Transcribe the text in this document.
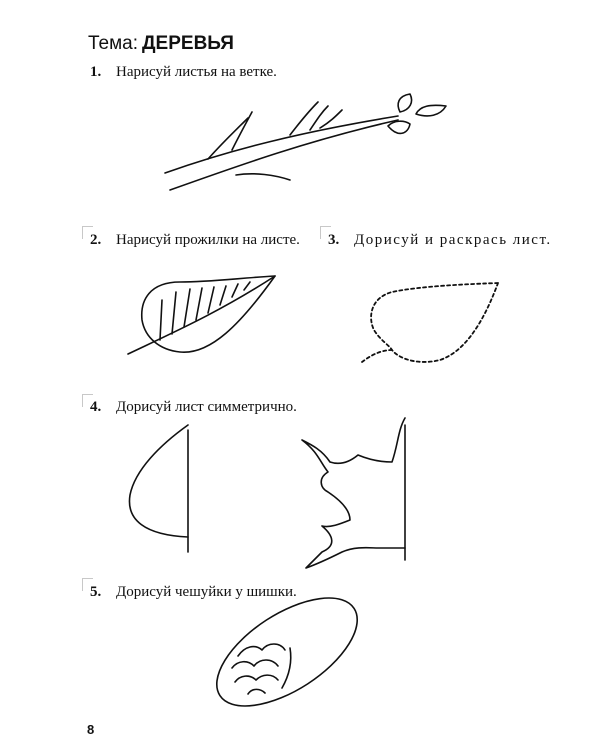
Тема: ДЕРЕВЬЯ
1. Нарисуй листья на ветке.
2. Нарисуй прожилки на листе.	3. Дорисуй и раскрась лист.
4. Дорисуй лист симметрично.
5. Дорисуй чешуйки у шишки.
8
